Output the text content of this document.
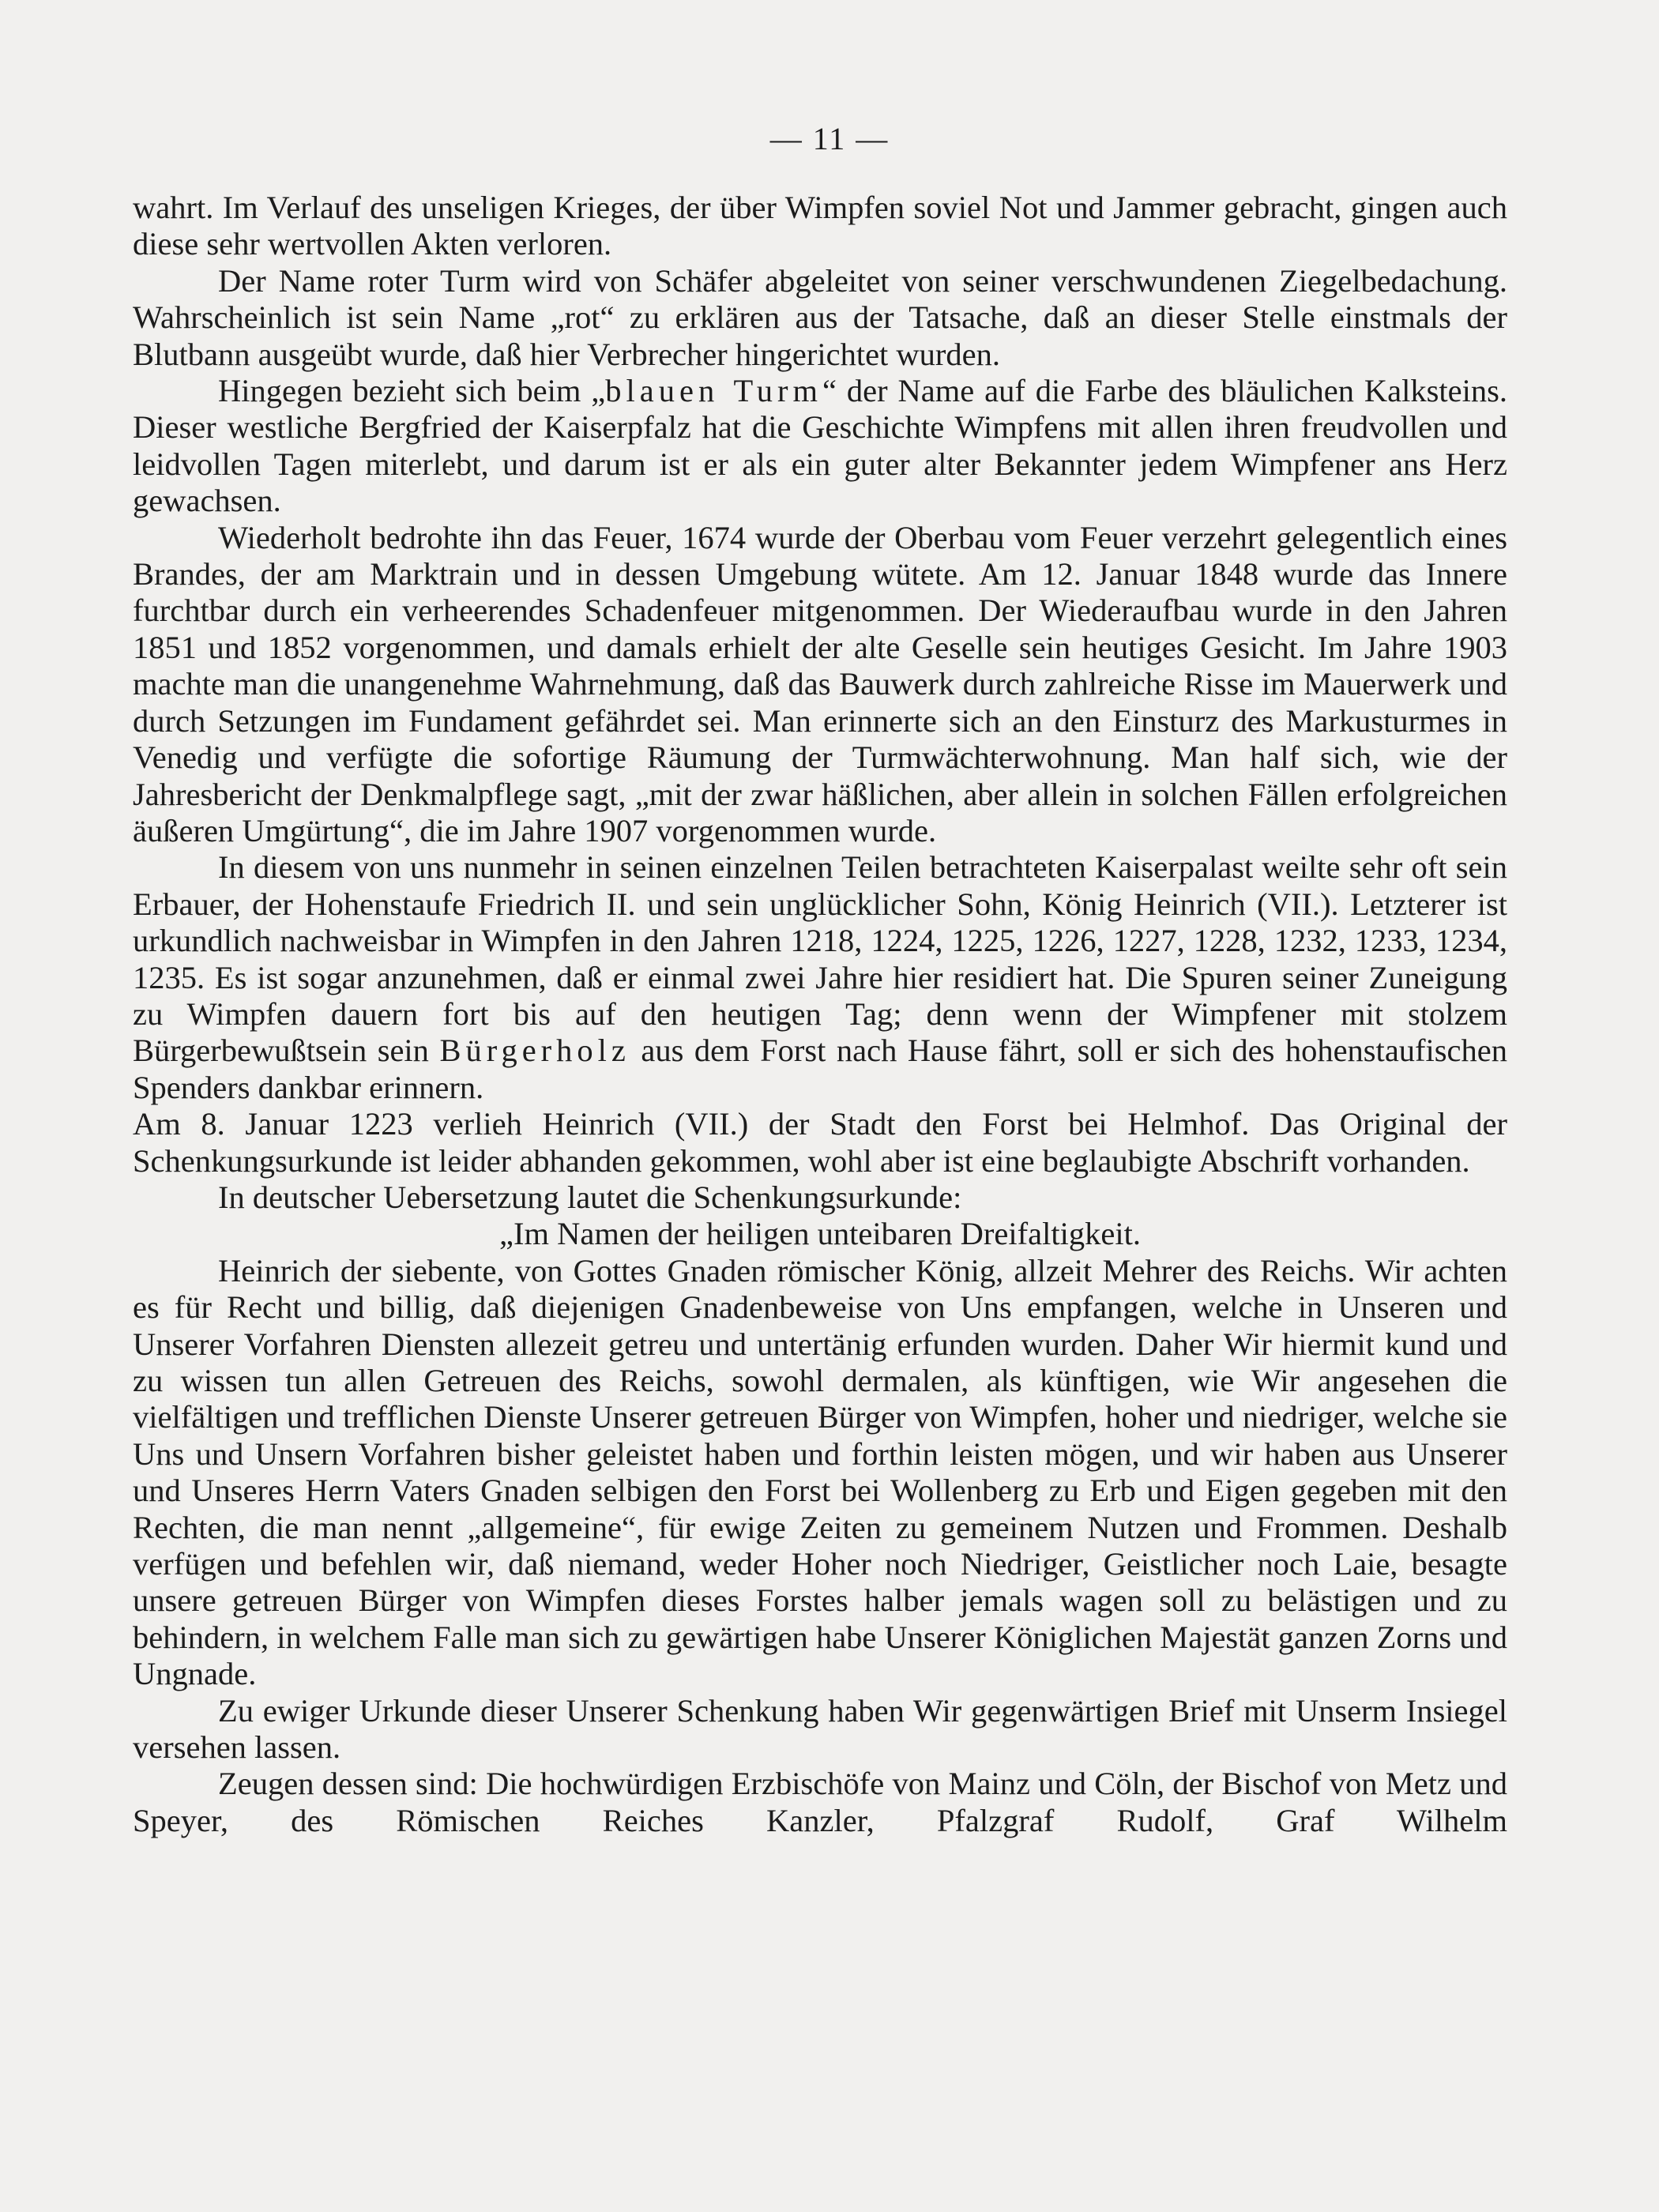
— 11 —

wahrt. Im Verlauf des unseligen Krieges, der über Wimpfen soviel Not und Jammer gebracht, gingen auch diese sehr wertvollen Akten verloren.

Der Name roter Turm wird von Schäfer abgeleitet von seiner verschwundenen Ziegelbedachung. Wahrscheinlich ist sein Name „rot“ zu erklären aus der Tatsache, daß an dieser Stelle einstmals der Blutbann ausgeübt wurde, daß hier Verbrecher hingerichtet wurden.

Hingegen bezieht sich beim „blauen Turm“ der Name auf die Farbe des bläulichen Kalksteins. Dieser westliche Bergfried der Kaiserpfalz hat die Geschichte Wimpfens mit allen ihren freudvollen und leidvollen Tagen miterlebt, und darum ist er als ein guter alter Bekannter jedem Wimpfener ans Herz gewachsen.

Wiederholt bedrohte ihn das Feuer, 1674 wurde der Oberbau vom Feuer verzehrt gelegentlich eines Brandes, der am Marktrain und in dessen Umgebung wütete. Am 12. Januar 1848 wurde das Innere furchtbar durch ein verheerendes Schadenfeuer mitgenommen. Der Wiederaufbau wurde in den Jahren 1851 und 1852 vorgenommen, und damals erhielt der alte Geselle sein heutiges Gesicht. Im Jahre 1903 machte man die unangenehme Wahrnehmung, daß das Bauwerk durch zahlreiche Risse im Mauerwerk und durch Setzungen im Fundament gefährdet sei. Man erinnerte sich an den Einsturz des Markusturmes in Venedig und verfügte die sofortige Räumung der Turmwächterwohnung. Man half sich, wie der Jahresbericht der Denkmalpflege sagt, „mit der zwar häßlichen, aber allein in solchen Fällen erfolgreichen äußeren Umgürtung“, die im Jahre 1907 vorgenommen wurde.

In diesem von uns nunmehr in seinen einzelnen Teilen betrachteten Kaiserpalast weilte sehr oft sein Erbauer, der Hohenstaufe Friedrich II. und sein unglücklicher Sohn, König Heinrich (VII.). Letzterer ist urkundlich nachweisbar in Wimpfen in den Jahren 1218, 1224, 1225, 1226, 1227, 1228, 1232, 1233, 1234, 1235. Es ist sogar anzunehmen, daß er einmal zwei Jahre hier residiert hat. Die Spuren seiner Zuneigung zu Wimpfen dauern fort bis auf den heutigen Tag; denn wenn der Wimpfener mit stolzem Bürgerbewußtsein sein Bürgerholz aus dem Forst nach Hause fährt, soll er sich des hohenstaufischen Spenders dankbar erinnern.

Am 8. Januar 1223 verlieh Heinrich (VII.) der Stadt den Forst bei Helmhof. Das Original der Schenkungsurkunde ist leider abhanden gekommen, wohl aber ist eine beglaubigte Abschrift vorhanden.

In deutscher Uebersetzung lautet die Schenkungsurkunde:

„Im Namen der heiligen unteibaren Dreifaltigkeit.

Heinrich der siebente, von Gottes Gnaden römischer König, allzeit Mehrer des Reichs. Wir achten es für Recht und billig, daß diejenigen Gnadenbeweise von Uns empfangen, welche in Unseren und Unserer Vorfahren Diensten allezeit getreu und untertänig erfunden wurden. Daher Wir hiermit kund und zu wissen tun allen Getreuen des Reichs, sowohl dermalen, als künftigen, wie Wir angesehen die vielfältigen und trefflichen Dienste Unserer getreuen Bürger von Wimpfen, hoher und niedriger, welche sie Uns und Unsern Vorfahren bisher geleistet haben und forthin leisten mögen, und wir haben aus Unserer und Unseres Herrn Vaters Gnaden selbigen den Forst bei Wollenberg zu Erb und Eigen gegeben mit den Rechten, die man nennt „allgemeine“, für ewige Zeiten zu gemeinem Nutzen und Frommen. Deshalb verfügen und befehlen wir, daß niemand, weder Hoher noch Niedriger, Geistlicher noch Laie, besagte unsere getreuen Bürger von Wimpfen dieses Forstes halber jemals wagen soll zu belästigen und zu behindern, in welchem Falle man sich zu gewärtigen habe Unserer Königlichen Majestät ganzen Zorns und Ungnade.

Zu ewiger Urkunde dieser Unserer Schenkung haben Wir gegenwärtigen Brief mit Unserm Insiegel versehen lassen.

Zeugen dessen sind: Die hochwürdigen Erzbischöfe von Mainz und Cöln, der Bischof von Metz und Speyer, des Römischen Reiches Kanzler, Pfalzgraf Rudolf, Graf Wilhelm
